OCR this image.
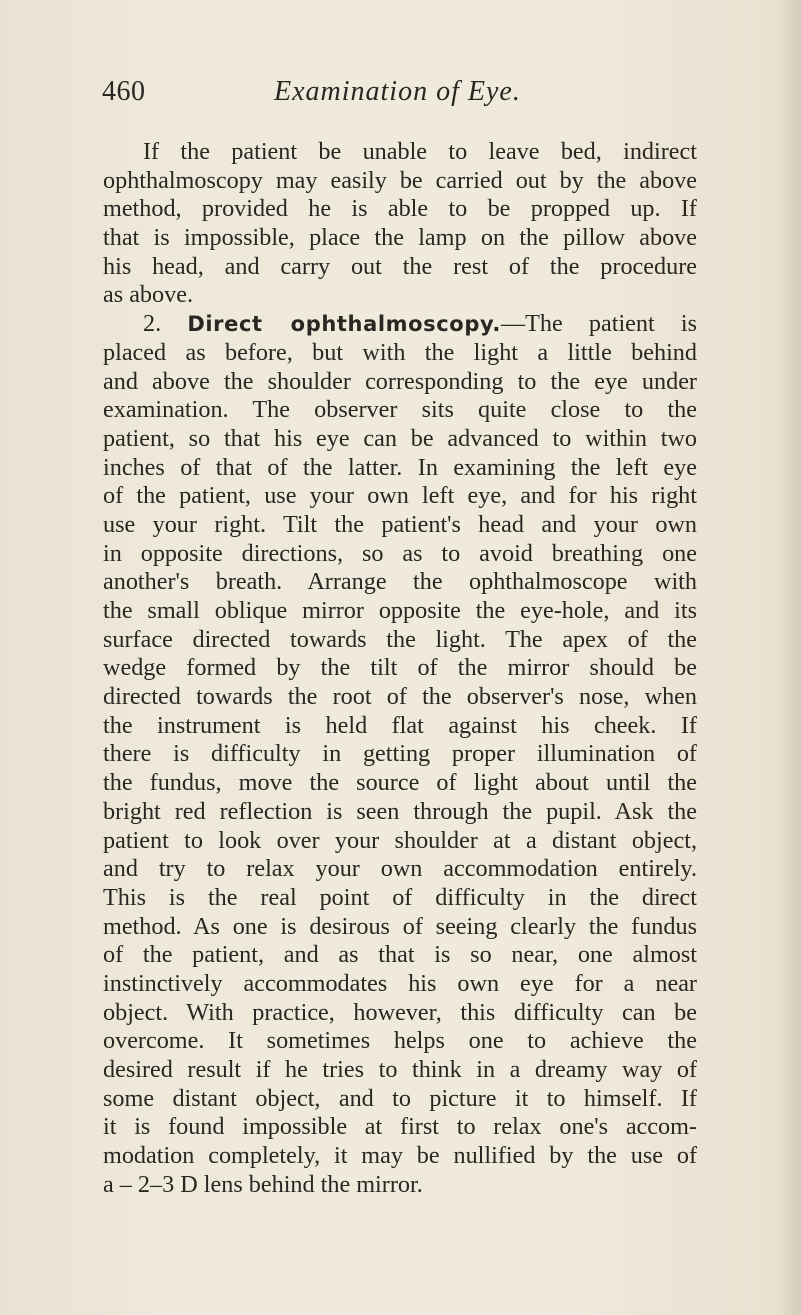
460	Examination of Eye.
If the patient be unable to leave bed, indirect
ophthalmoscopy may easily be carried out by the above
method, provided he is able to be propped up. If
that is impossible, place the lamp on the pillow above
his head, and carry out the rest of the procedure
as above.
2. Direct ophthalmoscopy.—The patient is
placed as before, but with the light a little behind
and above the shoulder corresponding to the eye under
examination. The observer sits quite close to the
patient, so that his eye can be advanced to within two
inches of that of the latter. In examining the left eye
of the patient, use your own left eye, and for his right
use your right. Tilt the patient's head and your own
in opposite directions, so as to avoid breathing one
another's breath. Arrange the ophthalmoscope with
the small oblique mirror opposite the eye-hole, and its
surface directed towards the light. The apex of the
wedge formed by the tilt of the mirror should be
directed towards the root of the observer's nose, when
the instrument is held flat against his cheek. If
there is difficulty in getting proper illumination of
the fundus, move the source of light about until the
bright red reflection is seen through the pupil. Ask the
patient to look over your shoulder at a distant object,
and try to relax your own accommodation entirely.
This is the real point of difficulty in the direct
method. As one is desirous of seeing clearly the fundus
of the patient, and as that is so near, one almost
instinctively accommodates his own eye for a near
object. With practice, however, this difficulty can be
overcome. It sometimes helps one to achieve the
desired result if he tries to think in a dreamy way of
some distant object, and to picture it to himself. If
it is found impossible at first to relax one's accom-
modation completely, it may be nullified by the use of
a – 2–3 D lens behind the mirror.
